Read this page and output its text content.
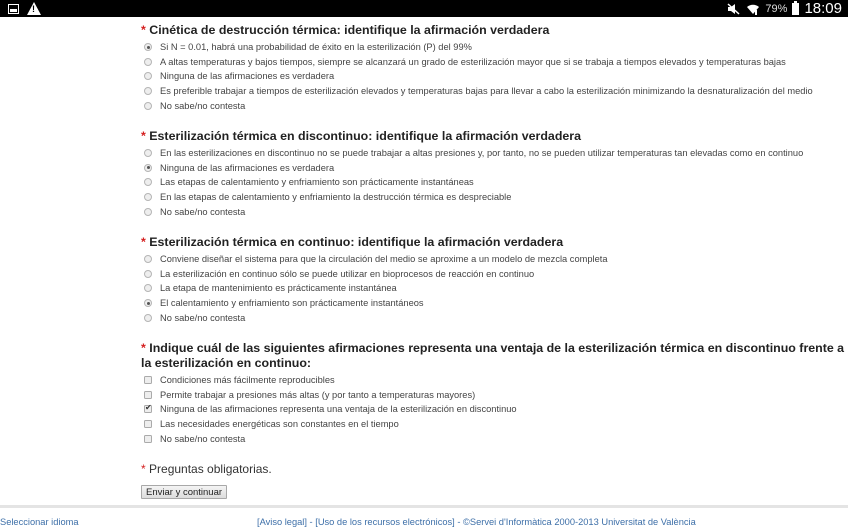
!
79% 18:09
* Cinética de destrucción térmica: identifique la afirmación verdadera
Si N = 0.01, habrá una probabilidad de éxito en la esterilización (P) del 99%
A altas temperaturas y bajos tiempos, siempre se alcanzará un grado de esterilización mayor que si se trabaja a tiempos elevados y temperaturas bajas
Ninguna de las afirmaciones es verdadera
Es preferible trabajar a tiempos de esterilización elevados y temperaturas bajas para llevar a cabo la esterilización minimizando la desnaturalización del medio
No sabe/no contesta
* Esterilización térmica en discontinuo: identifique la afirmación verdadera
En las esterilizaciones en discontinuo no se puede trabajar a altas presiones y, por tanto, no se pueden utilizar temperaturas tan elevadas como en continuo
Ninguna de las afirmaciones es verdadera
Las etapas de calentamiento y enfriamiento son prácticamente instantáneas
En las etapas de calentamiento y enfriamiento la destrucción térmica es despreciable
No sabe/no contesta
* Esterilización térmica en continuo: identifique la afirmación verdadera
Conviene diseñar el sistema para que la circulación del medio se aproxime a un modelo de mezcla completa
La esterilización en continuo sólo se puede utilizar en bioprocesos de reacción en continuo
La etapa de mantenimiento es prácticamente instantánea
El calentamiento y enfriamiento son prácticamente instantáneos
No sabe/no contesta
* Indique cuál de las siguientes afirmaciones representa una ventaja de la esterilización térmica en discontinuo frente a la esterilización en continuo:
Condiciones más fácilmente reproducibles
Permite trabajar a presiones más altas (y por tanto a temperaturas mayores)
✔
Ninguna de las afirmaciones representa una ventaja de la esterilización en discontinuo
Las necesidades energéticas son constantes en el tiempo
No sabe/no contesta
* Preguntas obligatorias.
Enviar y continuar
Seleccionar idioma	[Aviso legal] - [Uso de los recursos electrónicos] - ©Servei d'Informàtica 2000-2013 Universitat de València
